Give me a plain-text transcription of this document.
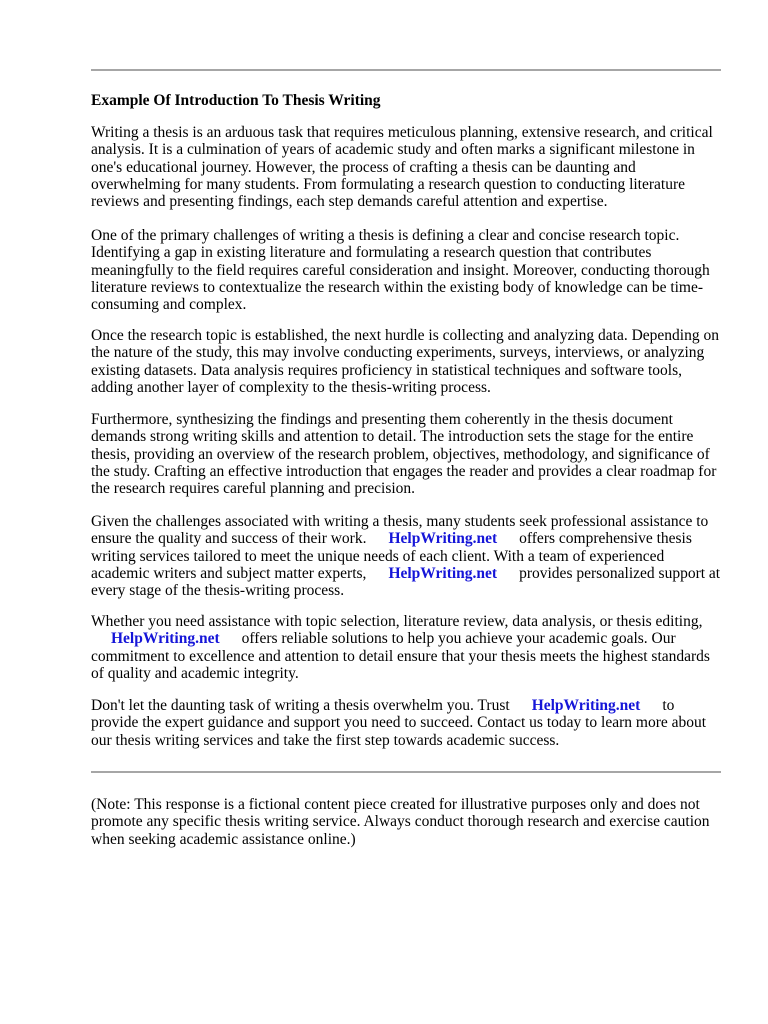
Example Of Introduction To Thesis Writing

Writing a thesis is an arduous task that requires meticulous planning, extensive research, and critical analysis. It is a culmination of years of academic study and often marks a significant milestone in one's educational journey. However, the process of crafting a thesis can be daunting and overwhelming for many students. From formulating a research question to conducting literature reviews and presenting findings, each step demands careful attention and expertise.

One of the primary challenges of writing a thesis is defining a clear and concise research topic. Identifying a gap in existing literature and formulating a research question that contributes meaningfully to the field requires careful consideration and insight. Moreover, conducting thorough literature reviews to contextualize the research within the existing body of knowledge can be time-consuming and complex.

Once the research topic is established, the next hurdle is collecting and analyzing data. Depending on the nature of the study, this may involve conducting experiments, surveys, interviews, or analyzing existing datasets. Data analysis requires proficiency in statistical techniques and software tools, adding another layer of complexity to the thesis-writing process.

Furthermore, synthesizing the findings and presenting them coherently in the thesis document demands strong writing skills and attention to detail. The introduction sets the stage for the entire thesis, providing an overview of the research problem, objectives, methodology, and significance of the study. Crafting an effective introduction that engages the reader and provides a clear roadmap for the research requires careful planning and precision.

Given the challenges associated with writing a thesis, many students seek professional assistance to ensure the quality and success of their work. HelpWriting.net offers comprehensive thesis writing services tailored to meet the unique needs of each client. With a team of experienced academic writers and subject matter experts, HelpWriting.net provides personalized support at every stage of the thesis-writing process.

Whether you need assistance with topic selection, literature review, data analysis, or thesis editing, HelpWriting.net offers reliable solutions to help you achieve your academic goals. Our commitment to excellence and attention to detail ensure that your thesis meets the highest standards of quality and academic integrity.

Don't let the daunting task of writing a thesis overwhelm you. Trust HelpWriting.net to provide the expert guidance and support you need to succeed. Contact us today to learn more about our thesis writing services and take the first step towards academic success.

(Note: This response is a fictional content piece created for illustrative purposes only and does not promote any specific thesis writing service. Always conduct thorough research and exercise caution when seeking academic assistance online.)
